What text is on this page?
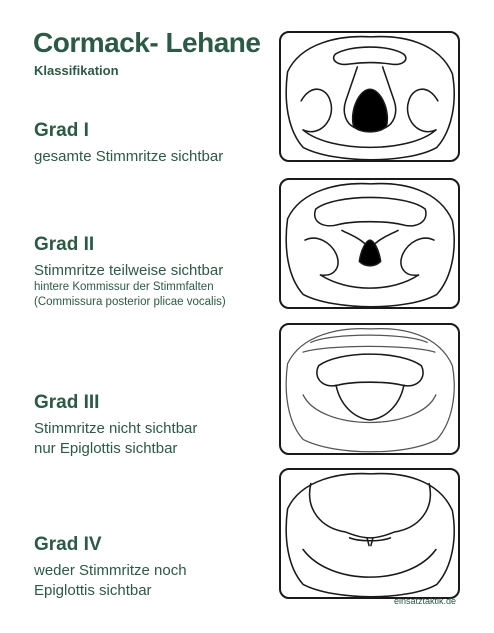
Cormack- Lehane
Klassifikation
Grad I
gesamte Stimmritze sichtbar
Grad II
Stimmritze teilweise sichtbar
hintere Kommissur der Stimmfalten
(Commissura posterior plicae vocalis)
Grad III
Stimmritze nicht sichtbar
nur Epiglottis sichtbar
Grad IV
weder Stimmritze noch
Epiglottis sichtbar
einsatztaktik.de
